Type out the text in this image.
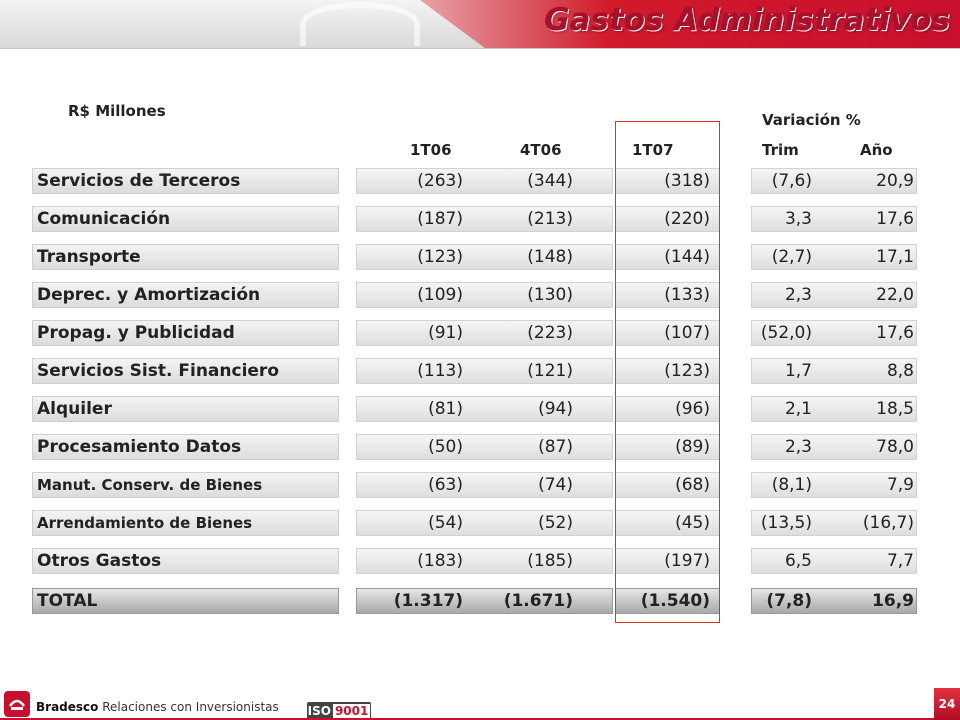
Gastos Administrativos
R$ Millones	Variación %
1T06	4T06	1T07	Trim	Año
Servicios de Terceros	(263)	(344)	(318)	(7,6)	20,9
Comunicación	(187)	(213)	(220)	3,3	17,6
Transporte	(123)	(148)	(144)	(2,7)	17,1
Deprec. y Amortización	(109)	(130)	(133)	2,3	22,0
Propag. y Publicidad	(91)	(223)	(107)	(52,0)	17,6
Servicios Sist. Financiero	(113)	(121)	(123)	1,7	8,8
Alquiler	(81)	(94)	(96)	2,1	18,5
Procesamiento Datos	(50)	(87)	(89)	2,3	78,0
Manut. Conserv. de Bienes	(63)	(74)	(68)	(8,1)	7,9
Arrendamiento de Bienes	(54)	(52)	(45)	(13,5)	(16,7)
Otros Gastos	(183)	(185)	(197)	6,5	7,7
TOTAL	(1.317) (1.671)	(1.540)	(7,8)	16,9
Bradesco Relaciones con Inversionistas ISO 9001	24
